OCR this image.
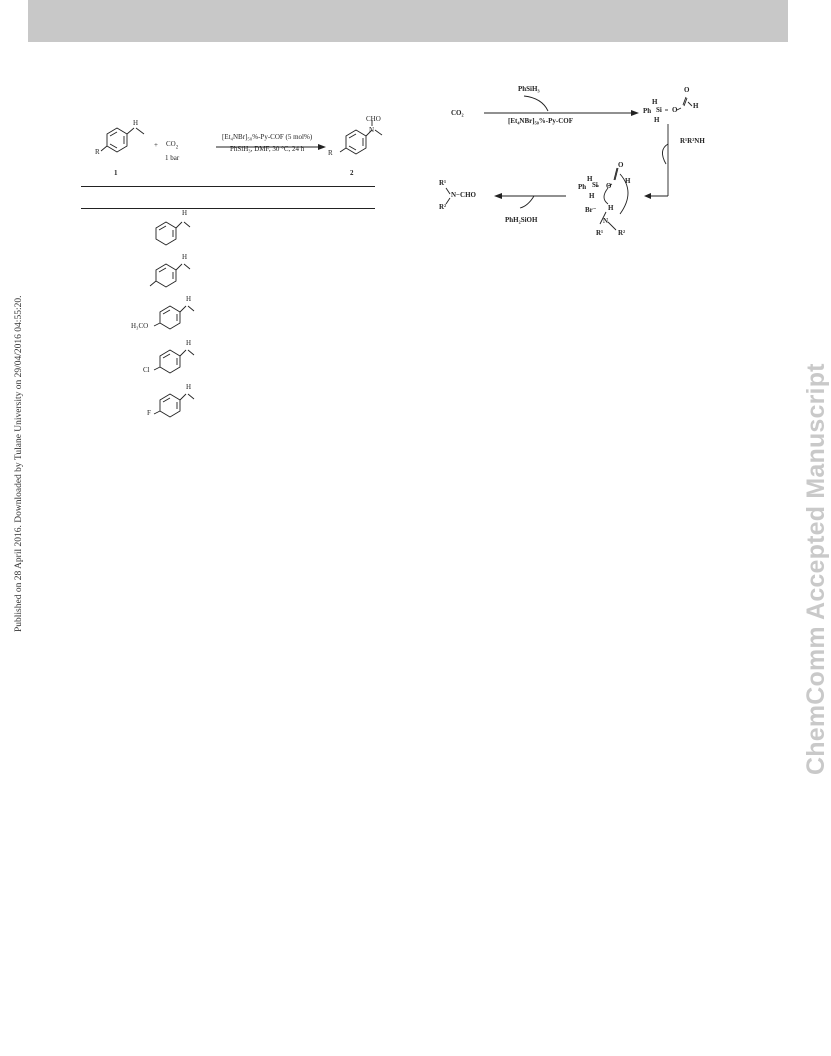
Published on 28 April 2016. Downloaded by Tulane University on 29/04/2016 04:55:20.	ChemComm Accepted Manuscript
H
R
1
+ $CO_2$
1 bar
[Et₄NBr]₅₀%-Py-COF (5 mol%)
PhSiH₃, DMF, 30 °C, 24 h
CHO
N
R
2
H
H
H
H₃CO
H
Cl
H
F
CO₂
PhSiH₃
[Et₄NBr]₅₀%-Py-COF
O
H
Ph Si O H
H
R¹R²NH
O
H
Ph Si O
H
H
H
Br⁻
N
R¹ R²
PhH₂SiOH
R¹
N−CHO
R²
